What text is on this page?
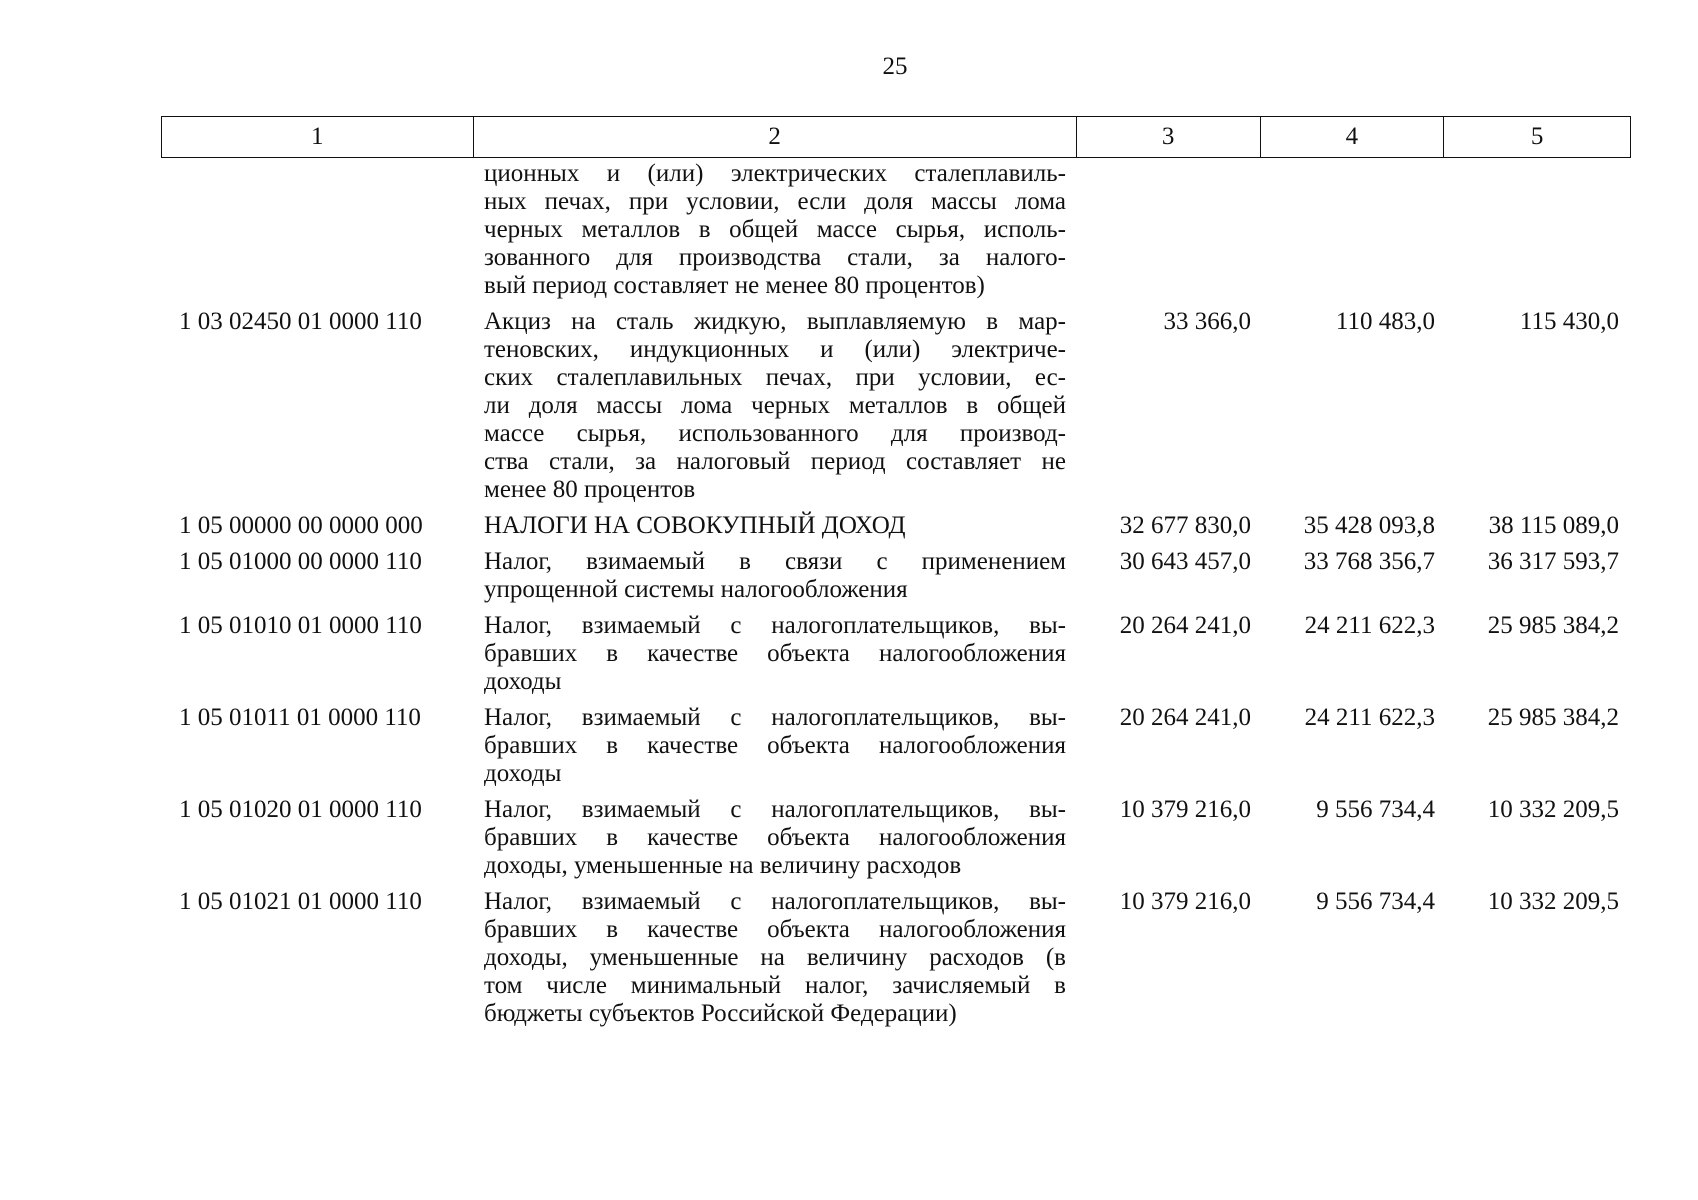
25
1	2	3	4	5
ционных и (или) электрических сталеплавиль-
ных печах, при условии, если доля массы лома
черных металлов в общей массе сырья, исполь-
зованного для производства стали, за налого-
вый период составляет не менее 80 процентов)
1 03 02450 01 0000 110	Акциз на сталь жидкую, выплавляемую в мар-
теновских, индукционных и (или) электриче-
ских сталеплавильных печах, при условии, ес-
ли доля массы лома черных металлов в общей
массе сырья, использованного для производ-
ства стали, за налоговый период составляет не
менее 80 процентов
33 366,0	110 483,0	115 430,0
1 05 00000 00 0000 000	НАЛОГИ НА СОВОКУПНЫЙ ДОХОД	32 677 830,0	35 428 093,8	38 115 089,0
1 05 01000 00 0000 110	Налог, взимаемый в связи с применением
упрощенной системы налогообложения
30 643 457,0	33 768 356,7	36 317 593,7
1 05 01010 01 0000 110	Налог, взимаемый с налогоплательщиков, вы-
бравших в качестве объекта налогообложения
доходы
20 264 241,0	24 211 622,3	25 985 384,2
1 05 01011 01 0000 110	Налог, взимаемый с налогоплательщиков, вы-
бравших в качестве объекта налогообложения
доходы
20 264 241,0	24 211 622,3	25 985 384,2
1 05 01020 01 0000 110	Налог, взимаемый с налогоплательщиков, вы-
бравших в качестве объекта налогообложения
доходы, уменьшенные на величину расходов
10 379 216,0	9 556 734,4	10 332 209,5
1 05 01021 01 0000 110	Налог, взимаемый с налогоплательщиков, вы-
бравших в качестве объекта налогообложения
доходы, уменьшенные на величину расходов (в
том числе минимальный налог, зачисляемый в
бюджеты субъектов Российской Федерации)
10 379 216,0	9 556 734,4	10 332 209,5
